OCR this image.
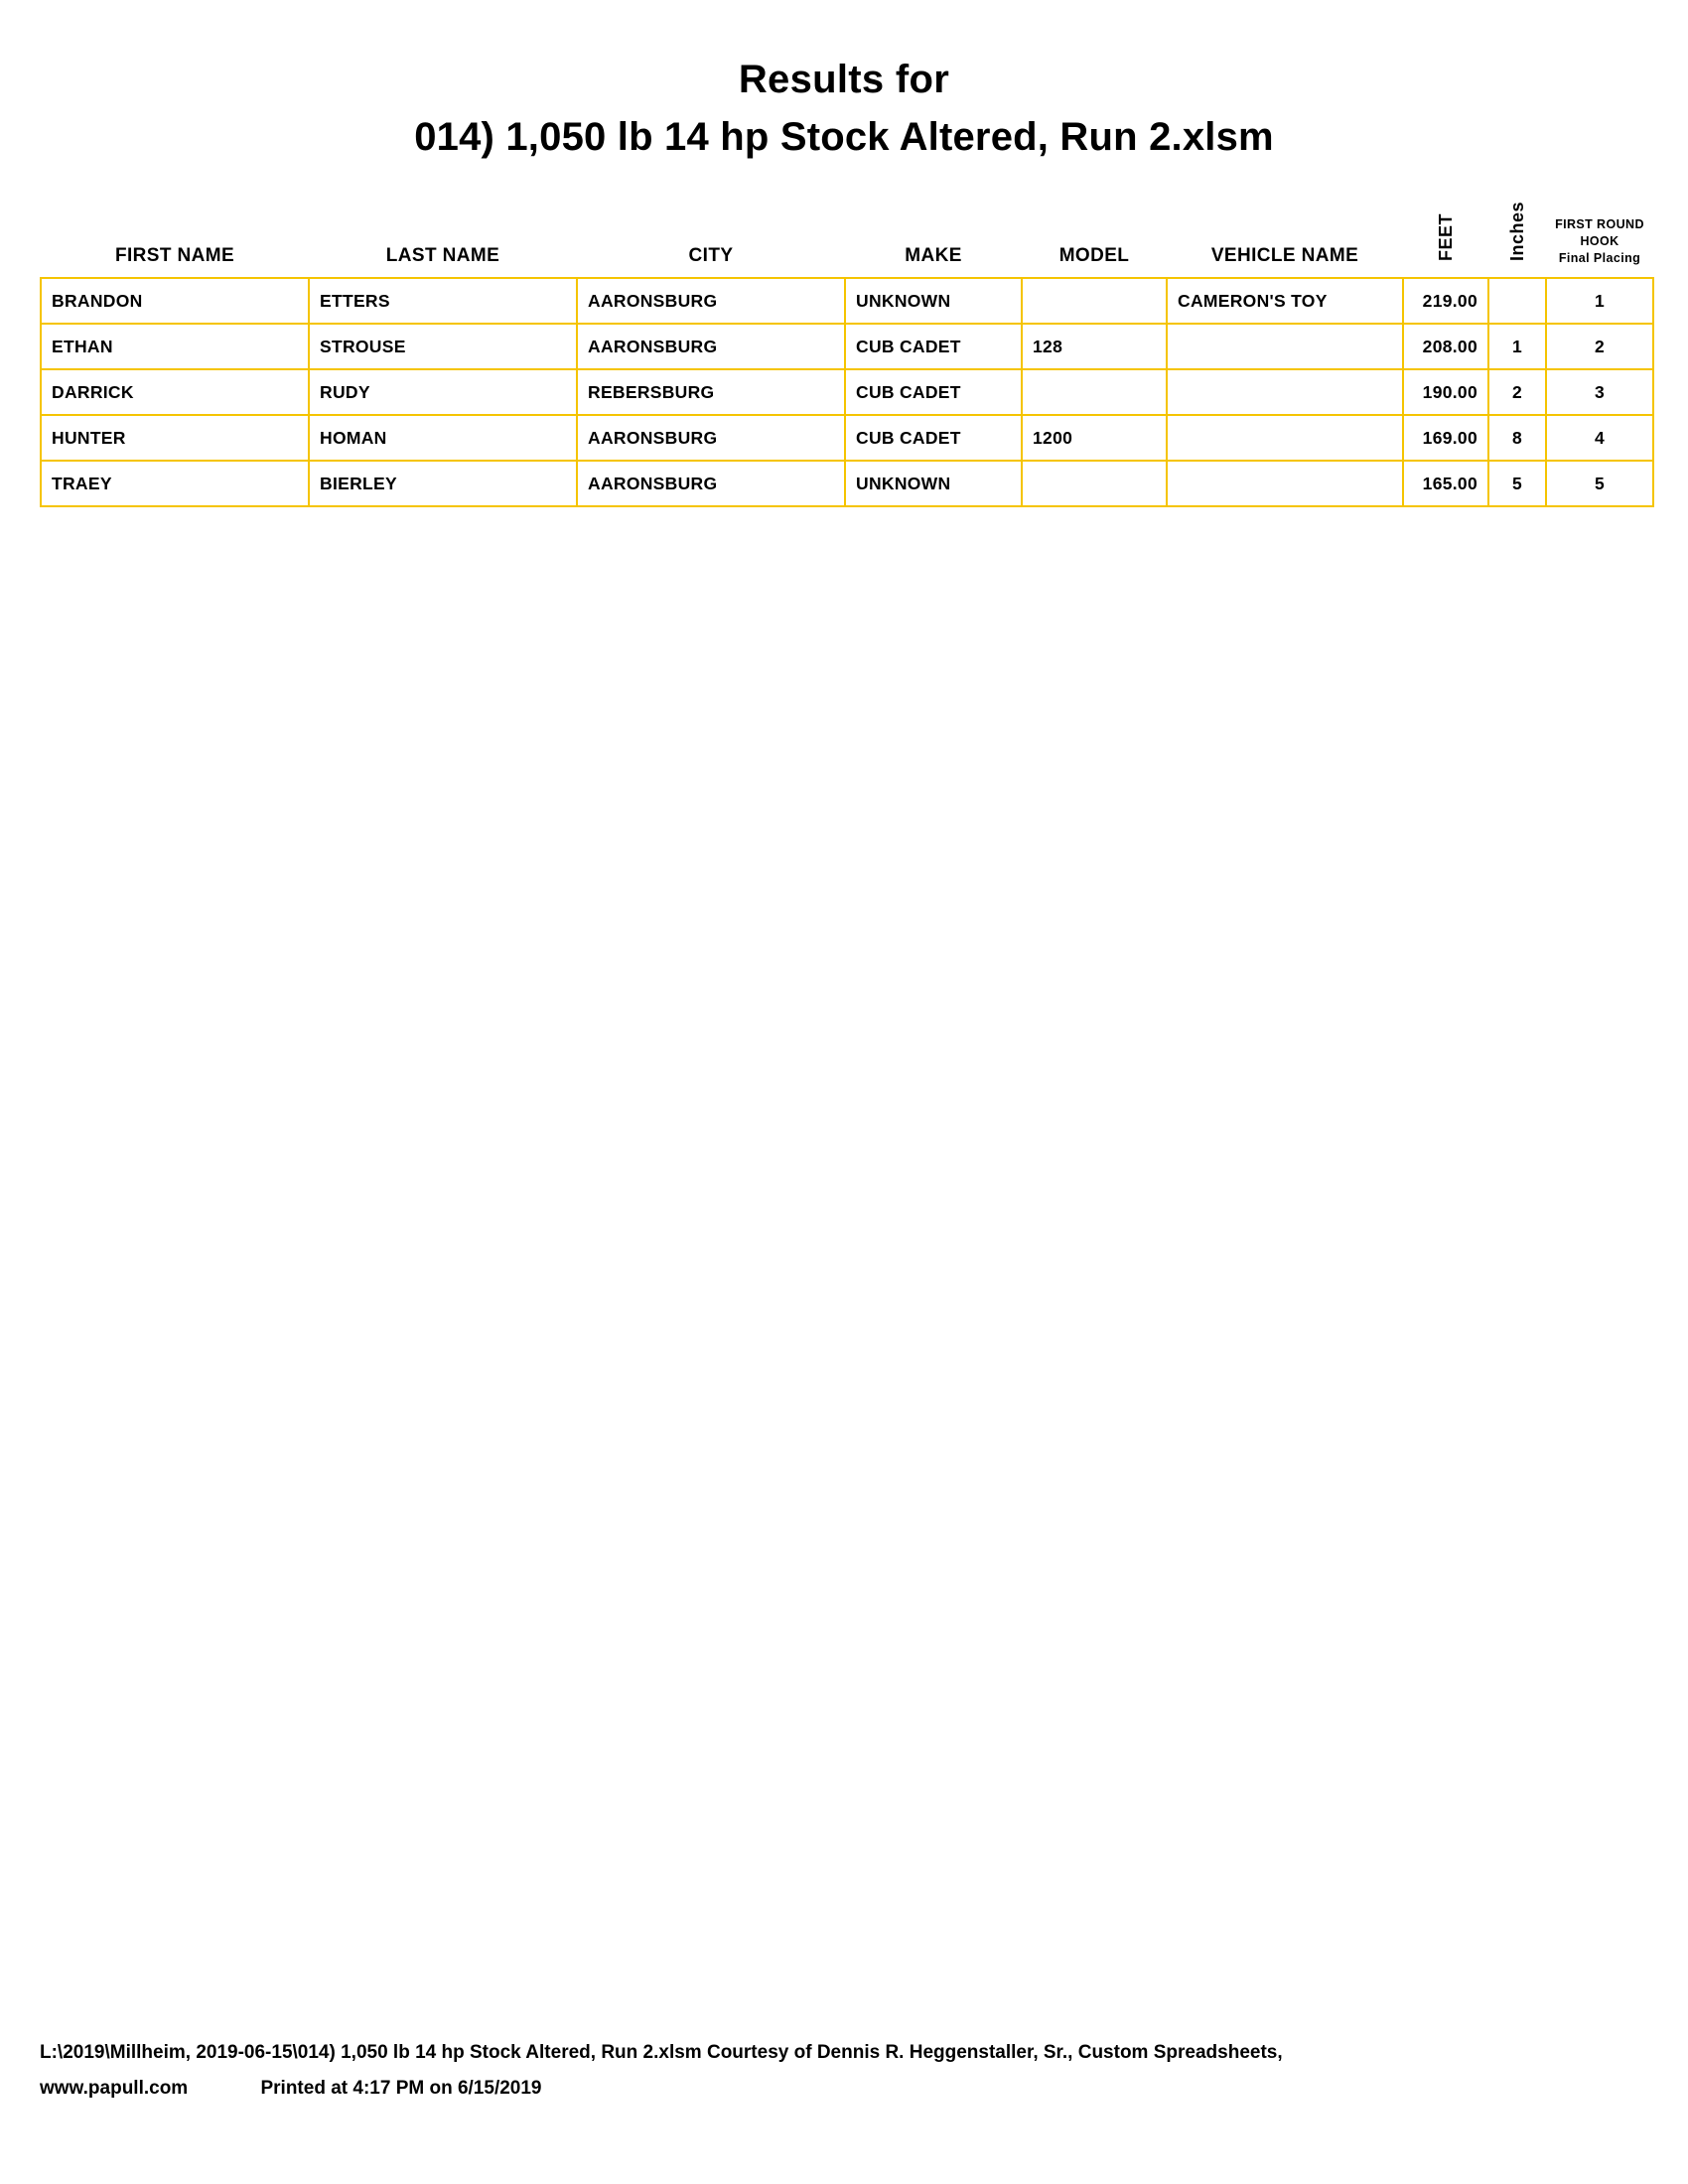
Results for
014) 1,050 lb 14 hp Stock Altered, Run 2.xlsm
FIRST NAME	LAST NAME	CITY	MAKE	MODEL	VEHICLE NAME	FEET	Inches	FIRST ROUND
HOOK
Final Placing

BRANDON	ETTERS	AARONSBURG	UNKNOWN		CAMERON'S TOY	219.00		1
ETHAN	STROUSE	AARONSBURG	CUB CADET	128		208.00	1	2
DARRICK	RUDY	REBERSBURG	CUB CADET			190.00	2	3
HUNTER	HOMAN	AARONSBURG	CUB CADET	1200		169.00	8	4
TRAEY	BIERLEY	AARONSBURG	UNKNOWN			165.00	5	5
L:\2019\Millheim, 2019-06-15\014) 1,050 lb 14 hp Stock Altered, Run 2.xlsm Courtesy of Dennis R. Heggenstaller, Sr., Custom Spreadsheets,
www.papull.com	Printed at 4:17 PM on 6/15/2019
